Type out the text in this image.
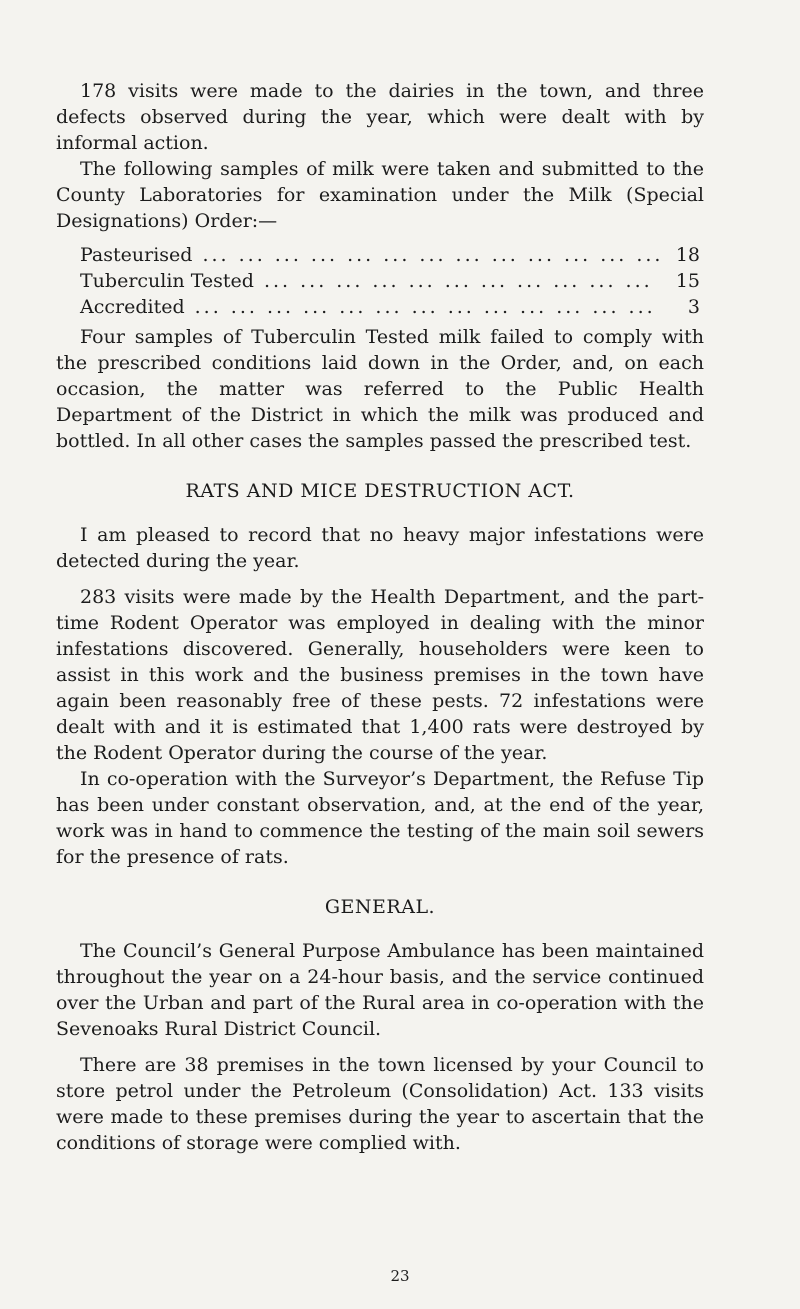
178 visits were made to the dairies in the town, and three defects observed during the year, which were dealt with by informal action.

The following samples of milk were taken and submitted to the County Laboratories for examination under the Milk (Special Designations) Order:—

Pasteurised ... .	18
Tuberculin Tested ... .	15
Accredited ... .	3

Four samples of Tuberculin Tested milk failed to comply with the prescribed conditions laid down in the Order, and, on each occasion, the matter was referred to the Public Health Department of the District in which the milk was produced and bottled. In all other cases the samples passed the prescribed test.

RATS AND MICE DESTRUCTION ACT.

I am pleased to record that no heavy major infestations were detected during the year.

283 visits were made by the Health Department, and the part-time Rodent Operator was employed in dealing with the minor infestations discovered. Generally, householders were keen to assist in this work and the business premises in the town have again been reasonably free of these pests. 72 infestations were dealt with and it is estimated that 1,400 rats were destroyed by the Rodent Operator during the course of the year.

In co-operation with the Surveyor’s Department, the Refuse Tip has been under constant observation, and, at the end of the year, work was in hand to commence the testing of the main soil sewers for the presence of rats.

GENERAL.

The Council’s General Purpose Ambulance has been maintained throughout the year on a 24-hour basis, and the service continued over the Urban and part of the Rural area in co-operation with the Sevenoaks Rural District Council.

There are 38 premises in the town licensed by your Council to store petrol under the Petroleum (Consolidation) Act. 133 visits were made to these premises during the year to ascertain that the conditions of storage were complied with.

23
